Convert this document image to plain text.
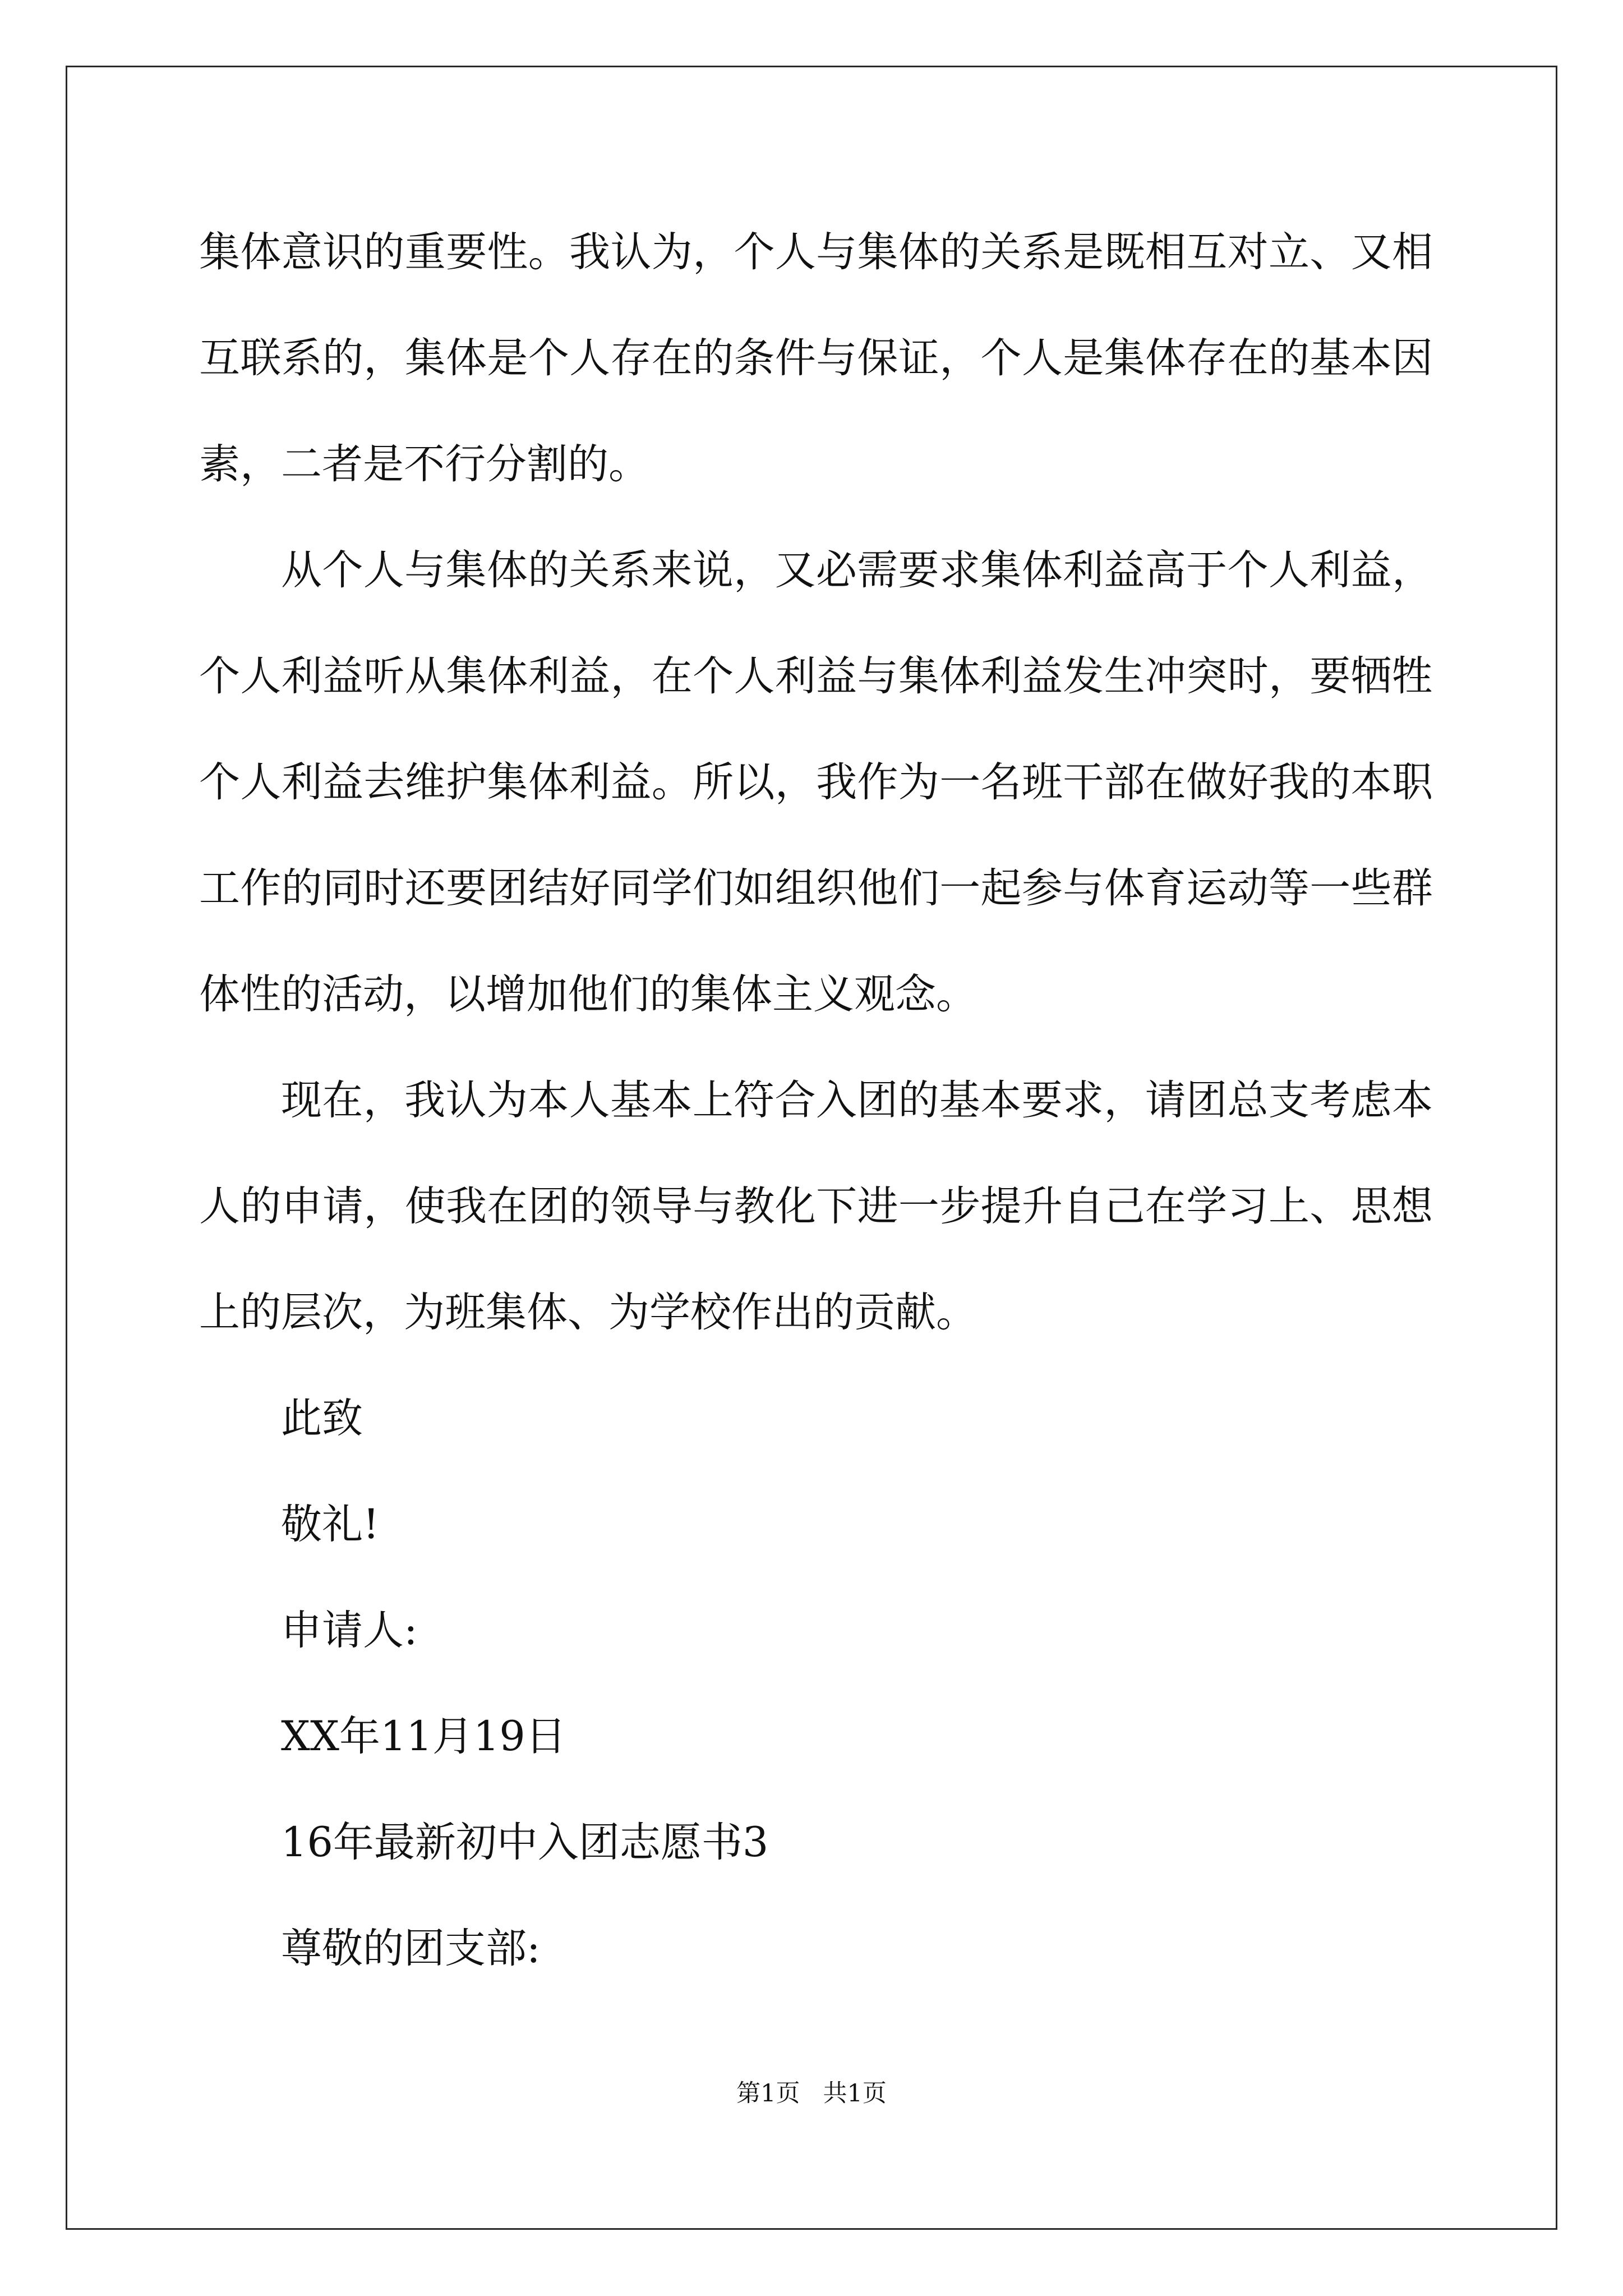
集体意识的重要性。我认为，个人与集体的关系是既相互对立、又相互联系的，集体是个人存在的条件与保证，个人是集体存在的基本因素，二者是不行分割的。

从个人与集体的关系来说，又必需要求集体利益高于个人利益，个人利益听从集体利益，在个人利益与集体利益发生冲突时，要牺牲个人利益去维护集体利益。所以，我作为一名班干部在做好我的本职工作的同时还要团结好同学们如组织他们一起参与体育运动等一些群体性的活动，以增加他们的集体主义观念。

现在，我认为本人基本上符合入团的基本要求，请团总支考虑本人的申请，使我在团的领导与教化下进一步提升自己在学习上、思想上的层次，为班集体、为学校作出的贡献。

此致

敬礼!

申请人:

XX年11月19日

16年最新初中入团志愿书3

尊敬的团支部:

第1页   共1页
